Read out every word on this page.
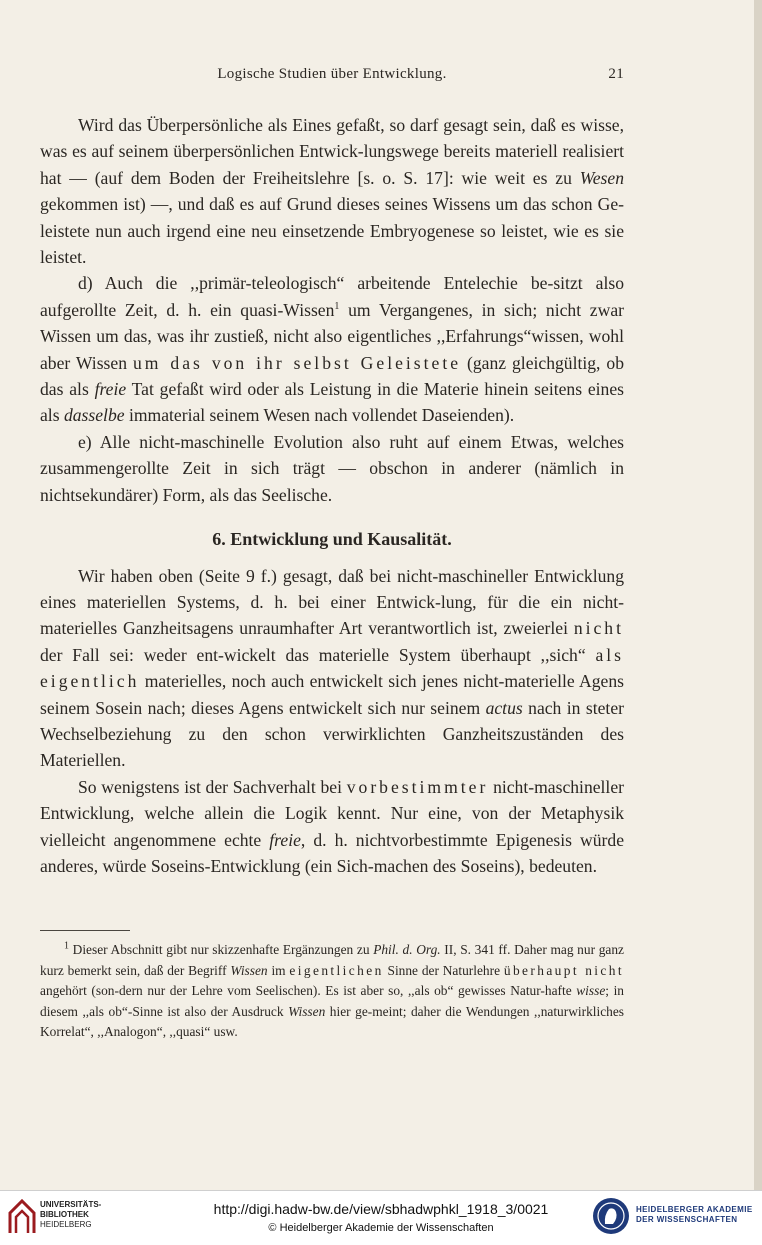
Logische Studien über Entwicklung.	21

Wird das Überpersönliche als Eines gefaßt, so darf gesagt sein, daß es wisse, was es auf seinem überpersönlichen Entwick-lungswege bereits materiell realisiert hat — (auf dem Boden der Freiheitslehre [s. o. S. 17]: wie weit es zu Wesen gekommen ist) —, und daß es auf Grund dieses seines Wissens um das schon Ge-leistete nun auch irgend eine neu einsetzende Embryogenese so leistet, wie es sie leistet.

d) Auch die ,,primär-teleologisch“ arbeitende Entelechie be-sitzt also aufgerollte Zeit, d. h. ein quasi-Wissen$^1$ um Vergangenes, in sich; nicht zwar Wissen um das, was ihr zustieß, nicht also eigentliches ,,Erfahrungs“wissen, wohl aber Wissen um das von ihr selbst Geleistete (ganz gleichgültig, ob das als freie Tat gefaßt wird oder als Leistung in die Materie hinein seitens eines als dasselbe immaterial seinem Wesen nach vollendet Daseienden).

e) Alle nicht-maschinelle Evolution also ruht auf einem Etwas, welches zusammengerollte Zeit in sich trägt — obschon in anderer (nämlich in nichtsekundärer) Form, als das Seelische.

6. Entwicklung und Kausalität.

Wir haben oben (Seite 9 f.) gesagt, daß bei nicht-maschineller Entwicklung eines materiellen Systems, d. h. bei einer Entwick-lung, für die ein nicht-materielles Ganzheitsagens unraumhafter Art verantwortlich ist, zweierlei nicht der Fall sei: weder ent-wickelt das materielle System überhaupt ,,sich“ als eigentlich materielles, noch auch entwickelt sich jenes nicht-materielle Agens seinem Sosein nach; dieses Agens entwickelt sich nur seinem actus nach in steter Wechselbeziehung zu den schon verwirklichten Ganzheitszuständen des Materiellen.

So wenigstens ist der Sachverhalt bei vorbestimmter nicht-maschineller Entwicklung, welche allein die Logik kennt. Nur eine, von der Metaphysik vielleicht angenommene echte freie, d. h. nichtvorbestimmte Epigenesis würde anderes, würde Soseins-Entwicklung (ein Sich-machen des Soseins), bedeuten.

$^1$ Dieser Abschnitt gibt nur skizzenhafte Ergänzungen zu Phil. d. Org. II, S. 341 ff. Daher mag nur ganz kurz bemerkt sein, daß der Begriff Wissen im eigentlichen Sinne der Naturlehre überhaupt nicht angehört (son-dern nur der Lehre vom Seelischen). Es ist aber so, ,,als ob“ gewisses Natur-hafte wisse; in diesem ,,als ob“-Sinne ist also der Ausdruck Wissen hier ge-meint; daher die Wendungen ,,naturwirkliches Korrelat“, ,,Analogon“, ,,quasi“ usw.
UNIVERSITÄTS-
BIBLIOTHEK
HEIDELBERG
http://digi.hadw-bw.de/view/sbhadwphkl_1918_3/0021
© Heidelberger Akademie der Wissenschaften
HEIDELBERGER AKADEMIE
DER WISSENSCHAFTEN
